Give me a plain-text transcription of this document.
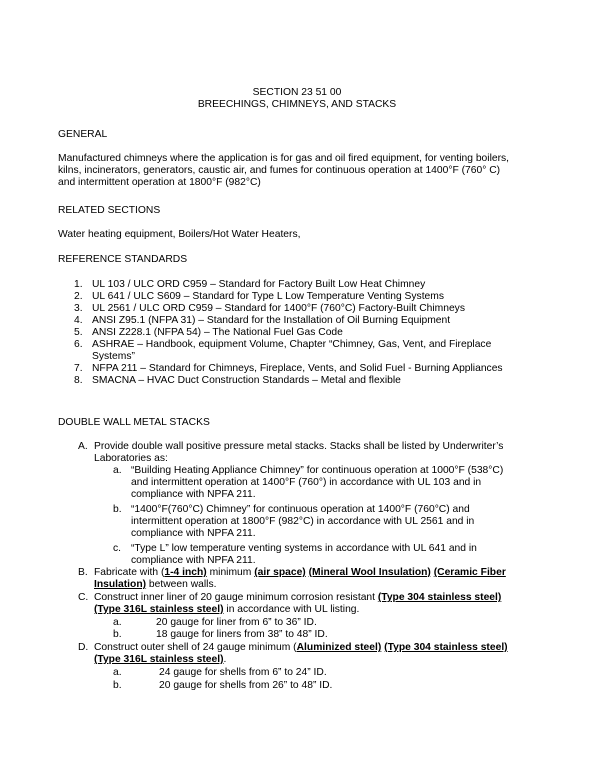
SECTION 23 51 00
BREECHINGS, CHIMNEYS, AND STACKS
GENERAL
Manufactured chimneys where the application is for gas and oil fired equipment, for venting boilers,
kilns, incinerators, generators, caustic air, and fumes for continuous operation at 1400°F (760° C)
and intermittent operation at 1800°F (982°C)
RELATED SECTIONS
Water heating equipment, Boilers/Hot Water Heaters,
REFERENCE STANDARDS
1. UL 103 / ULC ORD C959 – Standard for Factory Built Low Heat Chimney
2. UL 641 / ULC S609 – Standard for Type L Low Temperature Venting Systems
3. UL 2561 / ULC ORD C959 – Standard for 1400°F (760°C) Factory-Built Chimneys
4. ANSI Z95.1 (NFPA 31) – Standard for the Installation of Oil Burning Equipment
5. ANSI Z228.1 (NFPA 54) – The National Fuel Gas Code
6. ASHRAE – Handbook, equipment Volume, Chapter “Chimney, Gas, Vent, and Fireplace
Systems”
7. NFPA 211 – Standard for Chimneys, Fireplace, Vents, and Solid Fuel - Burning Appliances
8. SMACNA – HVAC Duct Construction Standards – Metal and flexible
DOUBLE WALL METAL STACKS
A. Provide double wall positive pressure metal stacks. Stacks shall be listed by Underwriter’s
Laboratories as:
a. “Building Heating Appliance Chimney” for continuous operation at 1000°F (538°C)
and intermittent operation at 1400°F (760°) in accordance with UL 103 and in
compliance with NPFA 211.
b. “1400°F(760°C) Chimney” for continuous operation at 1400°F (760°C) and
intermittent operation at 1800°F (982°C) in accordance with UL 2561 and in
compliance with NPFA 211.
c. “Type L” low temperature venting systems in accordance with UL 641 and in
compliance with NPFA 211.
B. Fabricate with (1-4 inch) minimum (air space) (Mineral Wool Insulation) (Ceramic Fiber
Insulation) between walls.
C. Construct inner liner of 20 gauge minimum corrosion resistant (Type 304 stainless steel)
(Type 316L stainless steel) in accordance with UL listing.
a.	20 gauge for liner from 6” to 36” ID.
b.	18 gauge for liners from 38” to 48” ID.
D. Construct outer shell of 24 gauge minimum (Aluminized steel) (Type 304 stainless steel)
(Type 316L stainless steel).
a.	24 gauge for shells from 6” to 24” ID.
b.	20 gauge for shells from 26” to 48” ID.
